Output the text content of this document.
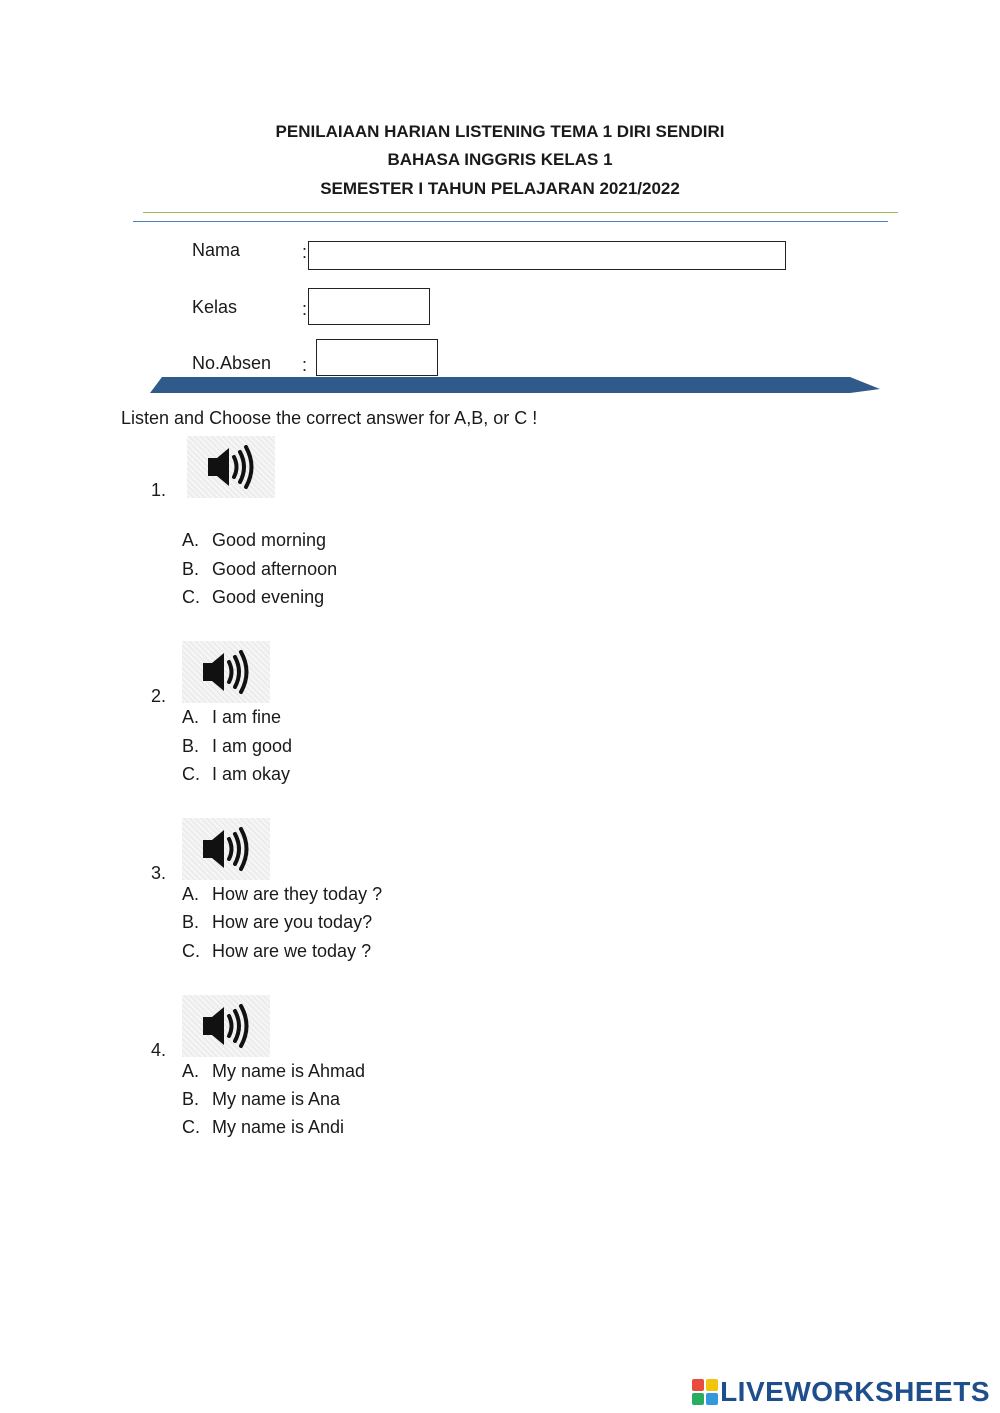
PENILAIAAN HARIAN LISTENING TEMA 1 DIRI SENDIRI
BAHASA INGGRIS KELAS 1
SEMESTER I TAHUN PELAJARAN 2021/2022
Nama	:
Kelas	:
No.Absen :
Listen and Choose the correct answer for A,B, or C !
1.
A. Good morning
B. Good afternoon
C. Good evening
2.
A. I am fine
B. I am good
C. I am okay
3.
A. How are they today ?
B. How are you today?
C. How are we today ?
4.
A. My name is Ahmad
B. My name is Ana
C. My name is Andi
LIVEWORKSHEETS
